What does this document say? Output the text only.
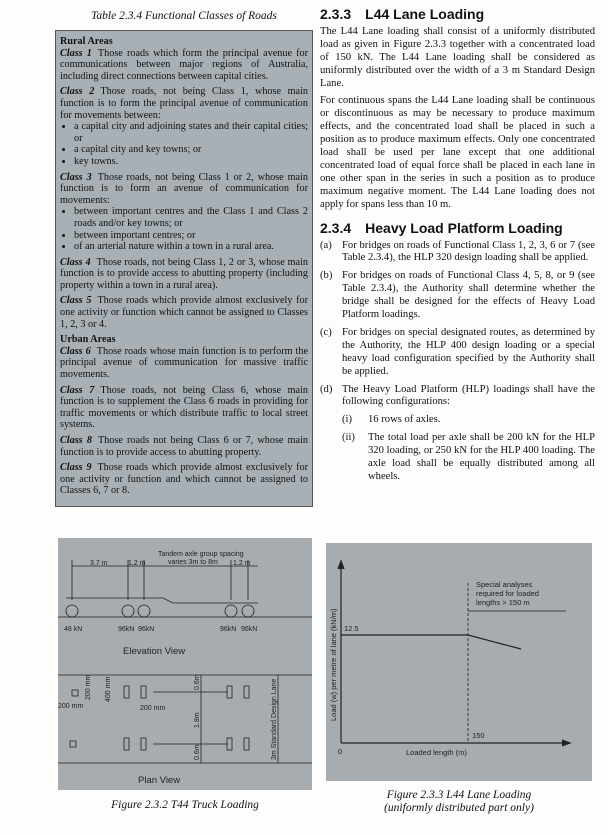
Table 2.3.4 Functional Classes of Roads
Rural Areas
Class 1 Those roads which form the principal avenue for communications between major regions of Australia, including direct connections between capital cities.
Class 2 Those roads, not being Class 1, whose main function is to form the principal avenue of communication for movements between:
• a capital city and adjoining states and their capital cities; or
• a capital city and key towns; or
• key towns.
Class 3 Those roads, not being Class 1 or 2, whose main function is to form an avenue of communication for movements:
• between important centres and the Class 1 and Class 2 roads and/or key towns; or
• between important centres; or
• of an arterial nature within a town in a rural area.
Class 4 Those roads, not being Class 1, 2 or 3, whose main function is to provide access to abutting property (including property within a town in a rural area).
Class 5 Those roads which provide almost exclusively for one activity or function which cannot be assigned to Classes 1, 2, 3 or 4.
Urban Areas
Class 6 Those roads whose main function is to perform the principal avenue of communication for massive traffic movements.
Class 7 Those roads, not being Class 6, whose main function is to supplement the Class 6 roads in providing for traffic movements or which distribute traffic to local street systems.
Class 8 Those roads not being Class 6 or 7, whose main function is to provide access to abutting property.
Class 9 Those roads which provide almost exclusively for one activity or function and which cannot be assigned to Classes 6, 7 or 8.
2.3.3 L44 Lane Loading

The L44 Lane loading shall consist of a uniformly distributed load as given in Figure 2.3.3 together with a concentrated load of 150 kN. The L44 Lane loading shall be considered as uniformly distributed over the width of a 3 m Standard Design Lane.

For continuous spans the L44 Lane loading shall be continuous or discontinuous as may be necessary to produce maximum effects, and the concentrated load shall be placed in such a position as to produce maximum effects. Only one concentrated load shall be used per lane except that one additional concentrated load of equal force shall be placed in each lane in one other span in the series in such a position as to produce maximum negative moment. The L44 Lane loading does not apply for spans less than 10 m.

2.3.4 Heavy Load Platform Loading
(a) For bridges on roads of Functional Class 1, 2, 3, 6 or 7 (see Table 2.3.4), the HLP 320 design loading shall be applied.
(b) For bridges on roads of Functional Class 4, 5, 8, or 9 (see Table 2.3.4), the Authority shall determine whether the bridge shall be designed for the effects of Heavy Load Platform loadings.
(c) For bridges on special designated routes, as determined by the Authority, the HLP 400 design loading or a special heavy load configuration specified by the Authority shall be applied.
(d) The Heavy Load Platform (HLP) loadings shall have the following configurations:
(i) 16 rows of axles.
(ii) The total load per axle shall be 200 kN for the HLP 320 loading, or 250 kN for the HLP 400 loading. The axle load shall be equally distributed among all wheels.
Tandem axle group spacing
varies 3m to 8m
3.7 m	1.2 m	1.2 m
48 kN	96kN 96kN	96kN 96kN
Elevation View
200 mm	200 mm
200 mm 400 mm	0.6m
1.8m
0.6m	3m Standard Design Lane
Plan View
Figure 2.3.2 T44 Truck Loading
12.5
150
0	Loaded length (m)
Load (w) per metre of lane (kN/m)
Special analyses
required for loaded
lengths > 150 m
Figure 2.3.3 L44 Lane Loading
(uniformly distributed part only)
